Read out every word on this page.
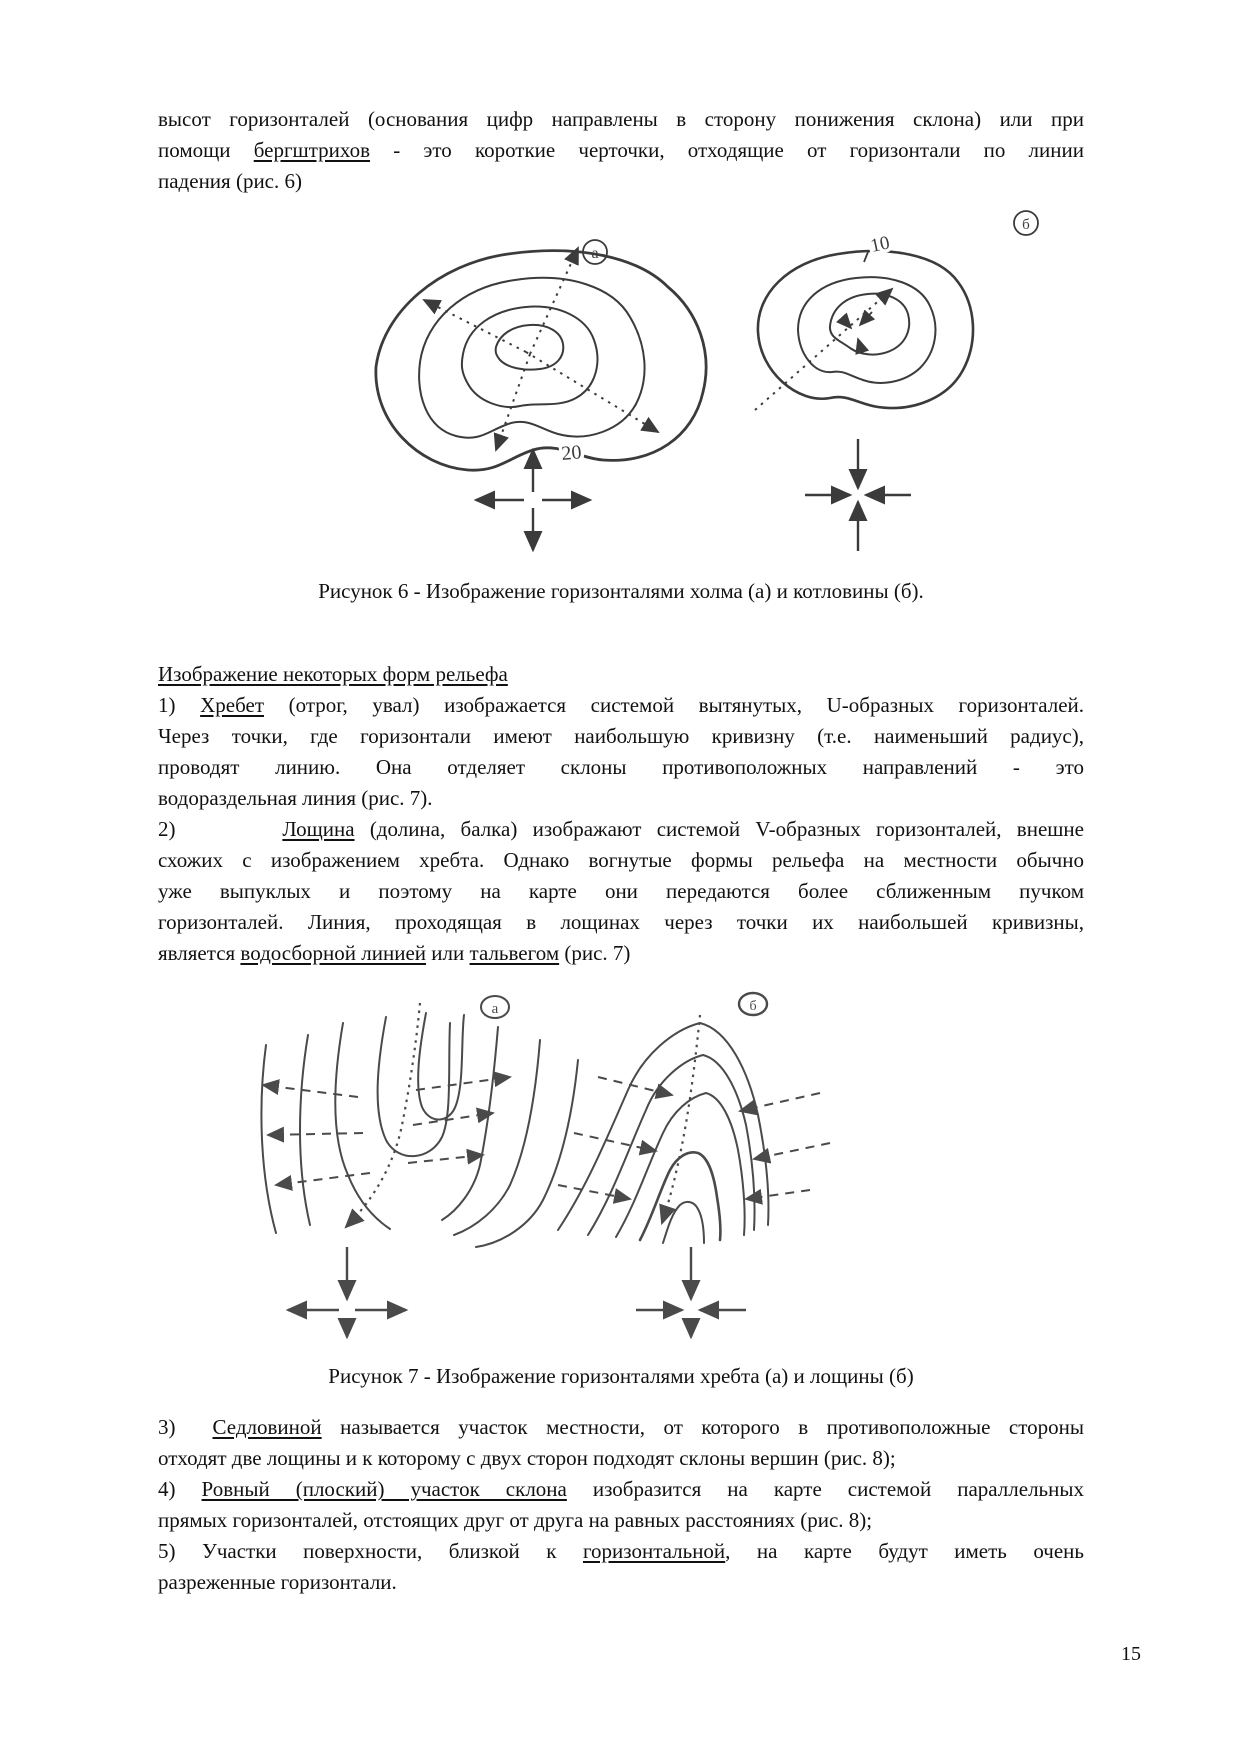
высот горизонталей (основания цифр направлены в сторону понижения склона) или при
помощи бергштрихов - это короткие черточки, отходящие от горизонтали по линии
падения (рис. 6)
20
а	10
б
Рисунок 6 - Изображение горизонталями холма (а) и котловины (б).
Изображение некоторых форм рельефа
1) Хребет (отрог, увал) изображается системой вытянутых, U-образных горизонталей.
Через точки, где горизонтали имеют наибольшую кривизну (т.е. наименьший радиус),
проводят линию. Она отделяет склоны противоположных направлений - это
водораздельная линия (рис. 7).
2)       Лощина (долина, балка) изображают системой V-образных горизонталей, внешне
схожих с изображением хребта. Однако вогнутые формы рельефа на местности обычно
уже выпуклых и поэтому на карте они передаются более сближенным пучком
горизонталей. Линия, проходящая в лощинах через точки их наибольшей кривизны,
является водосборной линией или тальвегом (рис. 7)
а	б
Рисунок 7 - Изображение горизонталями хребта (а) и лощины (б)
3)  Седловиной называется участок местности, от которого в противоположные стороны
отходят две лощины и к которому с двух сторон подходят склоны вершин (рис. 8);
4) Ровный (плоский) участок склона изобразится на карте системой параллельных
прямых горизонталей, отстоящих друг от друга на равных расстояниях (рис. 8);
5) Участки поверхности, близкой к горизонтальной, на карте будут иметь очень
разреженные горизонтали.
15
